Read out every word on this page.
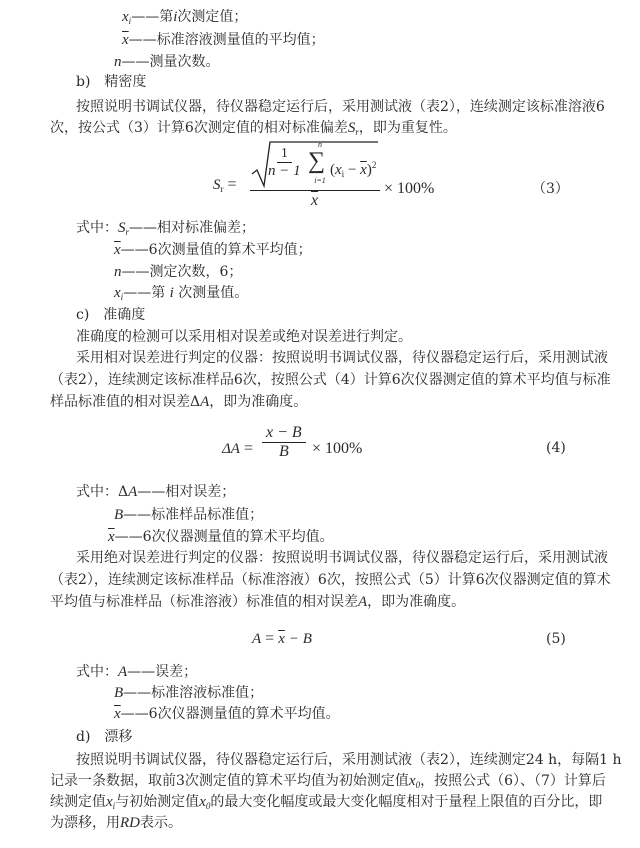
$x_i——$第i次测定值；
$\overline{x}——$标准溶液测量值的平均值；
n——测量次数。
b)　精密度
按照说明书调试仪器，待仪器稳定运行后，采用测试液（表2），连续测定该标准溶液6
次，按公式（3）计算6次测定值的相对标准偏差$S_r$，即为重复性。
式中：$S_r——$相对标准偏差；
$\overline{x}——6$次测量值的算术平均值；
n——测定次数，6；
$x_i——$第 i 次测量值。
c)　准确度
准确度的检测可以采用相对误差或绝对误差进行判定。
采用相对误差进行判定的仪器：按照说明书调试仪器，待仪器稳定运行后，采用测试液
（表2），连续测定该标准样品6次，按照公式（4）计算6次仪器测定值的算术平均值与标准
样品标准值的相对误差ΔA，即为准确度。
式中：ΔA——相对误差；
B——标准样品标准值；
$\overline{x}——6$次仪器测量值的算术平均值。
采用绝对误差进行判定的仪器：按照说明书调试仪器，待仪器稳定运行后，采用测试液
（表2），连续测定该标准样品（标准溶液）6次，按照公式（5）计算6次仪器测定值的算术
平均值与标准样品（标准溶液）标准值的相对误差A，即为准确度。
式中：A——误差；
B——标准溶液标准值；
$\overline{x}——6$次仪器测量值的算术平均值。
d)　漂移
按照说明书调试仪器，待仪器稳定运行后，采用测试液（表2），连续测定24 h，每隔1 h
记录一条数据，取前3次测定值的算术平均值为初始测定值$x_0$，按照公式（6）、（7）计算后
续测定值$x_i$与初始测定值$x_0$的最大变化幅度或最大变化幅度相对于量程上限值的百分比，即
为漂移，用RD表示。
$S_r$ =
$\frac{1}{n - 1}$
n
∑
i=1
$(x_i - \overline{x})^2$
$\overline{x}$
× 100%	（3）
$\Delta A = \frac{x - B}{B} \times 100\%$	(4)
$A = \overline{x} - B$	(5)
